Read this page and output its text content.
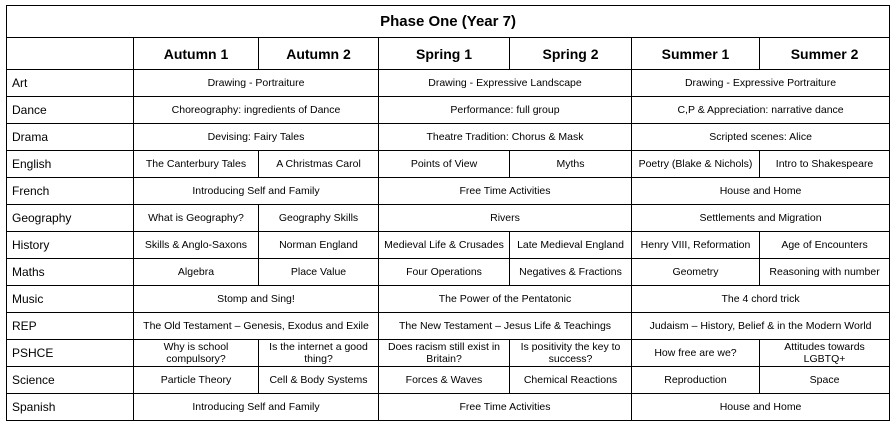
Phase One (Year 7)						
	Autumn 1	Autumn 2	Spring 1	Spring 2	Summer 1	Summer 2
Art	Drawing - Portraiture		Drawing - Expressive Landscape		Drawing - Expressive Portraiture	
Dance	Choreography: ingredients of Dance		Performance: full group		C,P & Appreciation: narrative dance	
Drama	Devising: Fairy Tales		Theatre Tradition: Chorus & Mask		Scripted scenes: Alice	
English	The Canterbury Tales	A Christmas Carol	Points of View	Myths	Poetry (Blake & Nichols)	Intro to Shakespeare
French	Introducing Self and Family		Free Time Activities		House and Home	
Geography	What is Geography?	Geography Skills	Rivers		Settlements and Migration	
History	Skills & Anglo-Saxons	Norman England	Medieval Life & Crusades	Late Medieval England	Henry VIII, Reformation	Age of Encounters
Maths	Algebra	Place Value	Four Operations	Negatives & Fractions	Geometry	Reasoning with number
Music	Stomp and Sing!		The Power of the Pentatonic		The 4 chord trick	
REP	The Old Testament – Genesis, Exodus and Exile		The New Testament – Jesus Life & Teachings		Judaism – History, Belief & in the Modern World	
PSHCE	Why is school compulsory?	Is the internet a good thing?	Does racism still exist in Britain?	Is positivity the key to success?	How free are we?	Attitudes towards LGBTQ+
Science	Particle Theory	Cell & Body Systems	Forces & Waves	Chemical Reactions	Reproduction	Space
Spanish	Introducing Self and Family		Free Time Activities		House and Home	
